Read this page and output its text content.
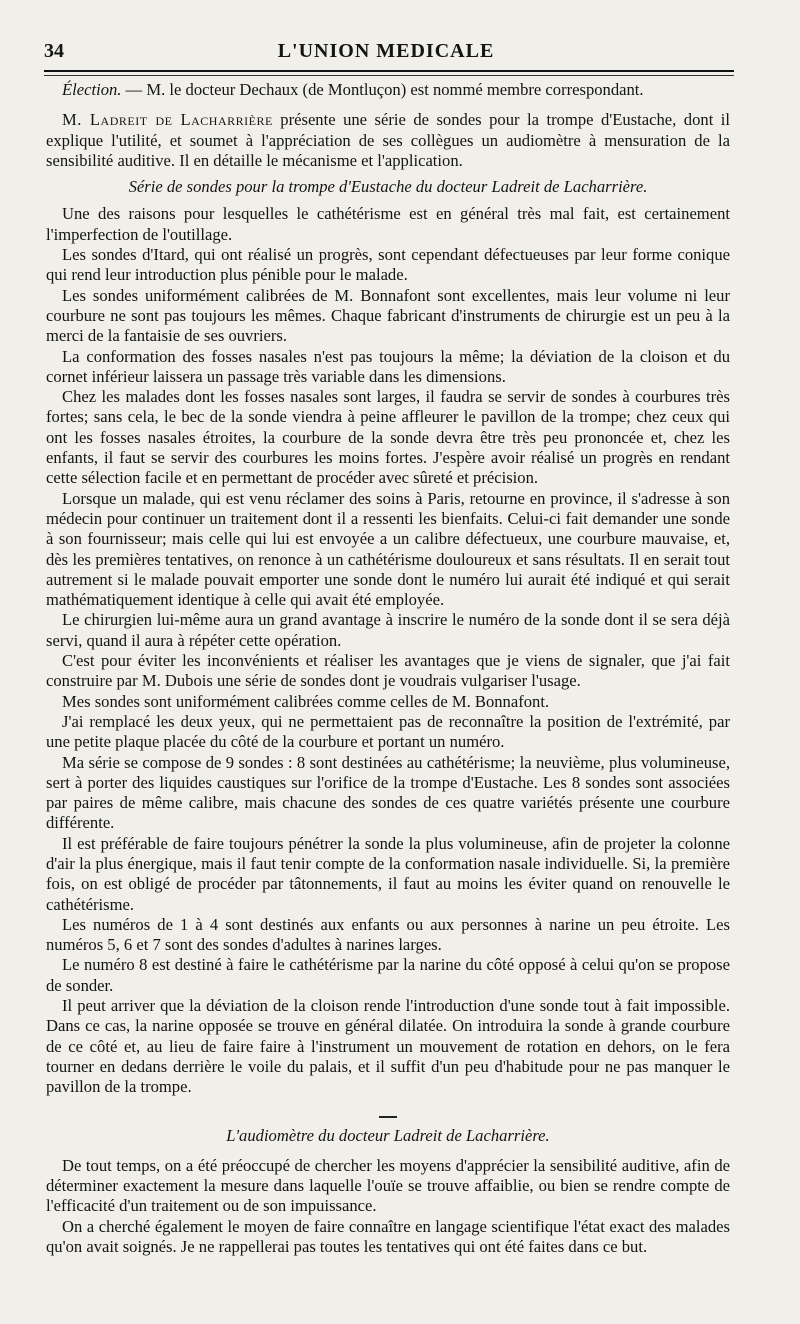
34	L'UNION MEDICALE

Élection. — M. le docteur Dechaux (de Montluçon) est nommé membre correspondant.

M. Ladreit de Lacharrière présente une série de sondes pour la trompe d'Eustache, dont il explique l'utilité, et soumet à l'appréciation de ses collègues un audiomètre à mensuration de la sensibilité auditive. Il en détaille le mécanisme et l'application.

Série de sondes pour la trompe d'Eustache du docteur Ladreit de Lacharrière.

Une des raisons pour lesquelles le cathétérisme est en général très mal fait, est certainement l'imperfection de l'outillage.

Les sondes d'Itard, qui ont réalisé un progrès, sont cependant défectueuses par leur forme conique qui rend leur introduction plus pénible pour le malade.

Les sondes uniformément calibrées de M. Bonnafont sont excellentes, mais leur volume ni leur courbure ne sont pas toujours les mêmes. Chaque fabricant d'instruments de chirurgie est un peu à la merci de la fantaisie de ses ouvriers.

La conformation des fosses nasales n'est pas toujours la même; la déviation de la cloison et du cornet inférieur laissera un passage très variable dans les dimensions.

Chez les malades dont les fosses nasales sont larges, il faudra se servir de sondes à courbures très fortes; sans cela, le bec de la sonde viendra à peine affleurer le pavillon de la trompe; chez ceux qui ont les fosses nasales étroites, la courbure de la sonde devra être très peu prononcée et, chez les enfants, il faut se servir des courbures les moins fortes. J'espère avoir réalisé un progrès en rendant cette sélection facile et en permettant de procéder avec sûreté et précision.

Lorsque un malade, qui est venu réclamer des soins à Paris, retourne en province, il s'adresse à son médecin pour continuer un traitement dont il a ressenti les bienfaits. Celui-ci fait demander une sonde à son fournisseur; mais celle qui lui est envoyée a un calibre défectueux, une courbure mauvaise, et, dès les premières tentatives, on renonce à un cathétérisme douloureux et sans résultats. Il en serait tout autrement si le malade pouvait emporter une sonde dont le numéro lui aurait été indiqué et qui serait mathématiquement identique à celle qui avait été employée.

Le chirurgien lui-même aura un grand avantage à inscrire le numéro de la sonde dont il se sera déjà servi, quand il aura à répéter cette opération.

C'est pour éviter les inconvénients et réaliser les avantages que je viens de signaler, que j'ai fait construire par M. Dubois une série de sondes dont je voudrais vulgariser l'usage.

Mes sondes sont uniformément calibrées comme celles de M. Bonnafont.

J'ai remplacé les deux yeux, qui ne permettaient pas de reconnaître la position de l'extrémité, par une petite plaque placée du côté de la courbure et portant un numéro.

Ma série se compose de 9 sondes : 8 sont destinées au cathétérisme; la neuvième, plus volumineuse, sert à porter des liquides caustiques sur l'orifice de la trompe d'Eustache. Les 8 sondes sont associées par paires de même calibre, mais chacune des sondes de ces quatre variétés présente une courbure différente.

Il est préférable de faire toujours pénétrer la sonde la plus volumineuse, afin de projeter la colonne d'air la plus énergique, mais il faut tenir compte de la conformation nasale individuelle. Si, la première fois, on est obligé de procéder par tâtonnements, il faut au moins les éviter quand on renouvelle le cathétérisme.

Les numéros de 1 à 4 sont destinés aux enfants ou aux personnes à narine un peu étroite. Les numéros 5, 6 et 7 sont des sondes d'adultes à narines larges.

Le numéro 8 est destiné à faire le cathétérisme par la narine du côté opposé à celui qu'on se propose de sonder.

Il peut arriver que la déviation de la cloison rende l'introduction d'une sonde tout à fait impossible. Dans ce cas, la narine opposée se trouve en général dilatée. On introduira la sonde à grande courbure de ce côté et, au lieu de faire faire à l'instrument un mouvement de rotation en dehors, on le fera tourner en dedans derrière le voile du palais, et il suffit d'un peu d'habitude pour ne pas manquer le pavillon de la trompe.

L'audiomètre du docteur Ladreit de Lacharrière.

De tout temps, on a été préoccupé de chercher les moyens d'apprécier la sensibilité auditive, afin de déterminer exactement la mesure dans laquelle l'ouïe se trouve affaiblie, ou bien se rendre compte de l'efficacité d'un traitement ou de son impuissance.

On a cherché également le moyen de faire connaître en langage scientifique l'état exact des malades qu'on avait soignés. Je ne rappellerai pas toutes les tentatives qui ont été faites dans ce but.
